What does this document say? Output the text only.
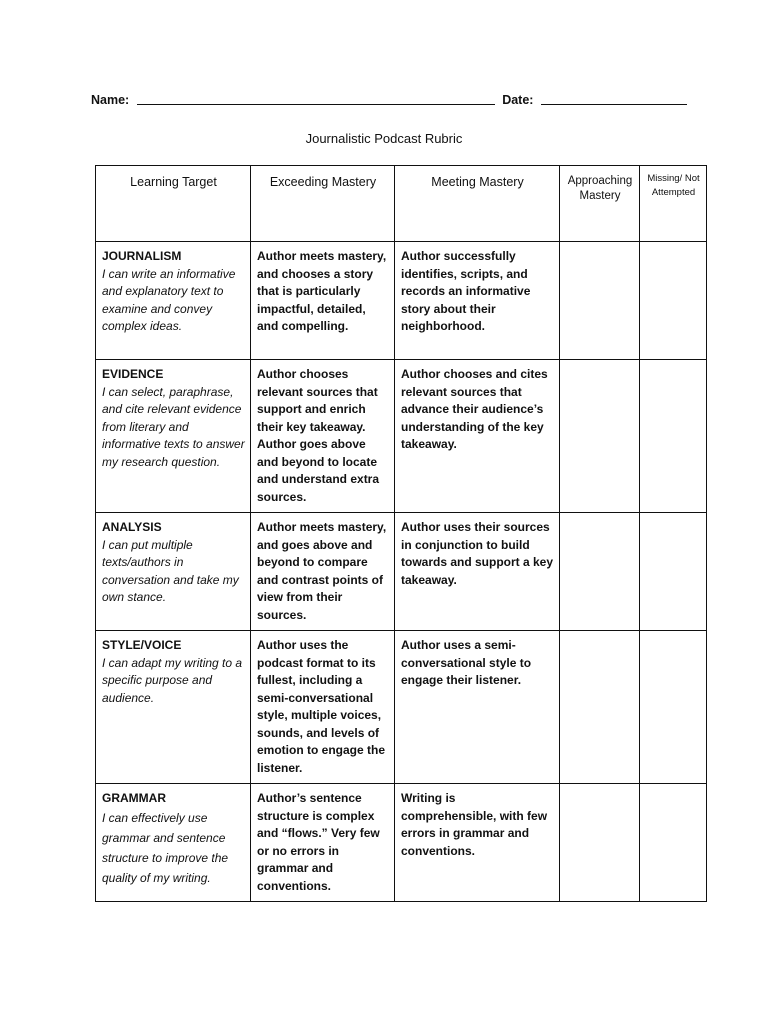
Name:	Date:
Journalistic Podcast Rubric
Learning Target	Exceeding Mastery	Meeting Mastery	Approaching Mastery	Missing/ Not Attempted

JOURNALISM
I can write an informative and explanatory text to examine and convey complex ideas.	Author meets mastery, and chooses a story that is particularly impactful, detailed, and compelling.	Author successfully identifies, scripts, and records an informative story about their neighborhood.		

EVIDENCE
I can select, paraphrase, and cite relevant evidence from literary and informative texts to answer my research question.	Author chooses relevant sources that support and enrich their key takeaway. Author goes above and beyond to locate and understand extra sources.	Author chooses and cites relevant sources that advance their audience’s understanding of the key takeaway.		

ANALYSIS
I can put multiple texts/authors in conversation and take my own stance.	Author meets mastery, and goes above and beyond to compare and contrast points of view from their sources.	Author uses their sources in conjunction to build towards and support a key takeaway.		

STYLE/VOICE
I can adapt my writing to a specific purpose and audience.	Author uses the podcast format to its fullest, including a semi-conversational style, multiple voices, sounds, and levels of emotion to engage the listener.	Author uses a semi-conversational style to engage their listener.		

GRAMMAR
I can effectively use grammar and sentence structure to improve the quality of my writing.	Author’s sentence structure is complex and “flows.” Very few or no errors in grammar and conventions.	Writing is comprehensible, with few errors in grammar and conventions.		
